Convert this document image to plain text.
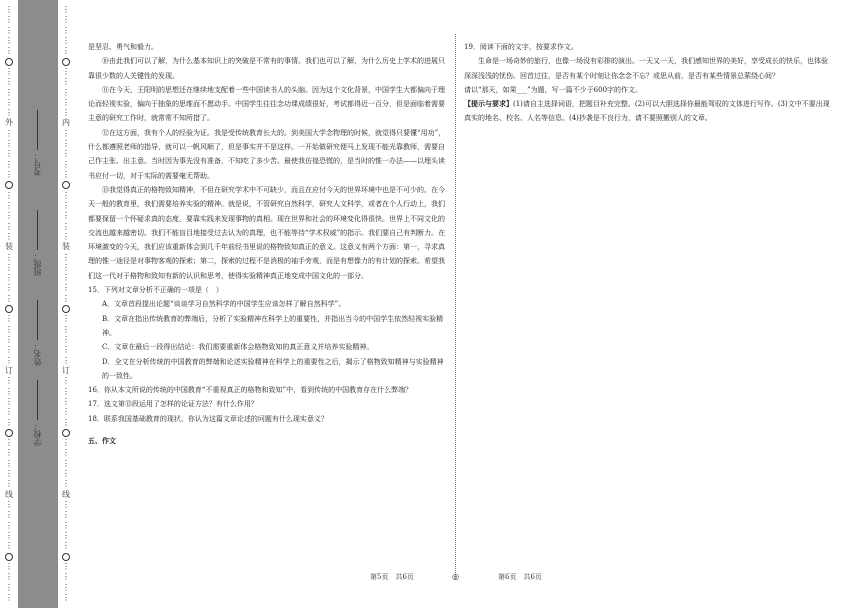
⋮
⋮
⋮
⋮
⋮
⋮
⋮
⋮
⋮
⋮
外
⋮
⋮
⋮
⋮
⋮
⋮
⋮
⋮
⋮
⋮
装
⋮
⋮
⋮
⋮
⋮
⋮
⋮
⋮
⋮
⋮
订
⋮
⋮
⋮
⋮
⋮
⋮
⋮
⋮
⋮
⋮
线
⋮
⋮
⋮
⋮
⋮
⋮
⋮
⋮
⋮
⋮
⋮
⋮
⋮
⋮
⋮
⋮
⋮
⋮
⋮
内
⋮
⋮
⋮
⋮
⋮
⋮
⋮
⋮
⋮
⋮
装
⋮
⋮
⋮
⋮
⋮
⋮
⋮
⋮
⋮
⋮
订
⋮
⋮
⋮
⋮
⋮
⋮
⋮
⋮
⋮
⋮
线
⋮
⋮
⋮
⋮
⋮
⋮
⋮
⋮
⋮
学校：
姓名：
班级：
考号：

是坚忍、勇气和毅力。

⑩由此我们可以了解，为什么基本知识上的突破是不常有的事情。我们也可以了解，为什么历史上学术的进展只靠很少数的人关键性的发现。

⑪在今天，王阳明的思想还在继续地支配着一些中国读书人的头脑。因为这个文化背景，中国学生大都偏向于理论而轻视实验，偏向于抽象的思维而不愿动手。中国学生往往念功课成绩很好，考试都得近一百分，但是面临着需要主意的研究工作时，就常常不知所措了。

⑫在这方面，我有个人的经验为证。我是受传统教育长大的。到美国大学念物理的时候，就觉得只要懂“用功”，什么都遵照老师的指导，就可以一帆风顺了，但是事实并不是这样。一开始做研究便马上发现不能光靠教师，需要自己作主张、出主意。当时因为事先没有准备，不知吃了多少苦。最使我彷徨恐慌的，是当时的惟一办法——以埋头读书应付一切，对于实际的需要毫无帮助。

⑬我觉得真正的格物致知精神，不但在研究学术中不可缺少，而且在应付今天的世界环境中也是不可少的。在今天一般的教育里，我们需要培养实验的精神。就是说，不管研究自然科学，研究人文科学，或者在个人行动上，我们都要保留一个怀疑求真的态度，要靠实践来发现事物的真相。现在世界和社会的环境变化得很快。世界上不同文化的交流也越来越密切。我们不能盲目地接受过去认为的真理，也不能等待“学术权威”的指示。我们要自己有判断力。在环境激变的今天，我们应该重新体会到几千年前经书里说的格物致知真正的意义。这意义有两个方面：第一，寻求真理的惟一途径是对事物客观的探索；第二，探索的过程不是消极的袖手旁观，而是有想像力的有计划的探索。希望我们这一代对于格物和致知有新的认识和思考，使得实验精神真正地变成中国文化的一部分。

15．下列对文章分析不正确的一项是（　）

A．文章首段提出论题“谈谈学习自然科学的中国学生应该怎样了解自然科学”。

B．文章在指出传统教育的弊端后，分析了实验精神在科学上的重要性，并指出当今的中国学生依然轻视实验精神。

C．文章在最后一段得出结论：我们需要重新体会格物致知的真正意义并培养实验精神。

D．全文在分析传统的中国教育的弊端和论述实验精神在科学上的重要性之后，揭示了格物致知精神与实验精神的一致性。

16．你从本文所说的传统的中国教育“不重视真正的格物和致知”中，看到传统的中国教育存在什么弊端？

17．选文第⑬段运用了怎样的论证方法？有什么作用？

18．联系我国基础教育的现状，你认为这篇文章论述的问题有什么现实意义？

五、作文

19．阅读下面的文字，按要求作文。

生命是一场奇妙的旅行，也像一场没有彩排的演出。一天又一天，我们感知世界的美好，享受成长的快乐，也体验深深浅浅的忧伤。回首过往，是否有某个时刻让你念念不忘？或思从前，是否有某些情景总萦绕心间？

请以“那天，如果___”为题，写一篇不少于600字的作文。

【提示与要求】(1)请自主选择词语，把题目补充完整。(2)可以大胆选择你最能驾驭的文体进行写作。(3)文中不要出现真实的地名、校名、人名等信息。(4)抄袭是不良行为，请不要照搬别人的文章。

第5页　共6页	◎	第6页　共6页
